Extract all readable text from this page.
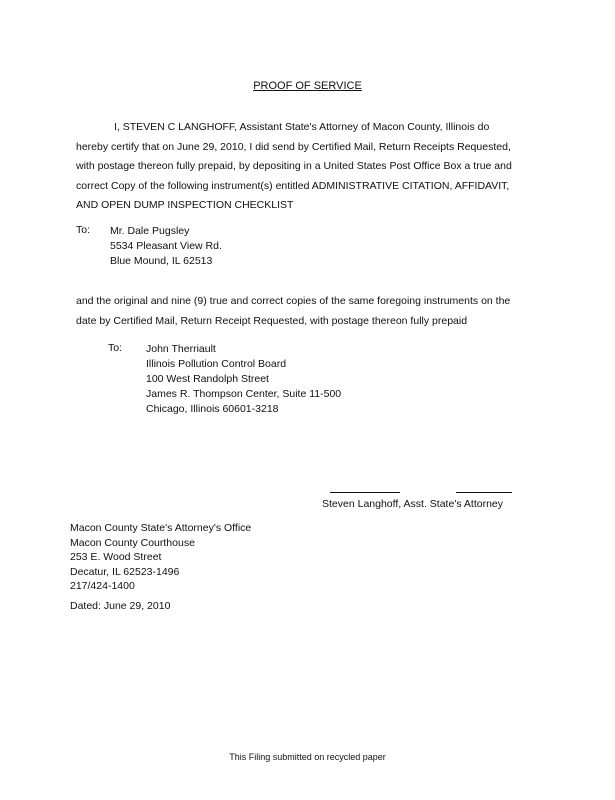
PROOF OF SERVICE

I, STEVEN C LANGHOFF, Assistant State's Attorney of Macon County, Illinois do

hereby certify that on June 29, 2010, I did send by Certified Mail, Return Receipts Requested,

with postage thereon fully prepaid, by depositing in a United States Post Office Box a true and

correct Copy of the following instrument(s) entitled ADMINISTRATIVE CITATION, AFFIDAVIT,

AND OPEN DUMP INSPECTION CHECKLIST

To: Mr. Dale Pugsley
5534 Pleasant View Rd.
Blue Mound, IL 62513

and the original and nine (9) true and correct copies of the same foregoing instruments on the

date by Certified Mail, Return Receipt Requested, with postage thereon fully prepaid

To: John Therriault
Illinois Pollution Control Board
100 West Randolph Street
James R. Thompson Center, Suite 11-500
Chicago, Illinois 60601-3218
Steven Langhoff, Asst. State's Attorney
Macon County State's Attorney's Office
Macon County Courthouse
253 E. Wood Street
Decatur, IL 62523-1496
217/424-1400
Dated: June 29, 2010
This Filing submitted on recycled paper
